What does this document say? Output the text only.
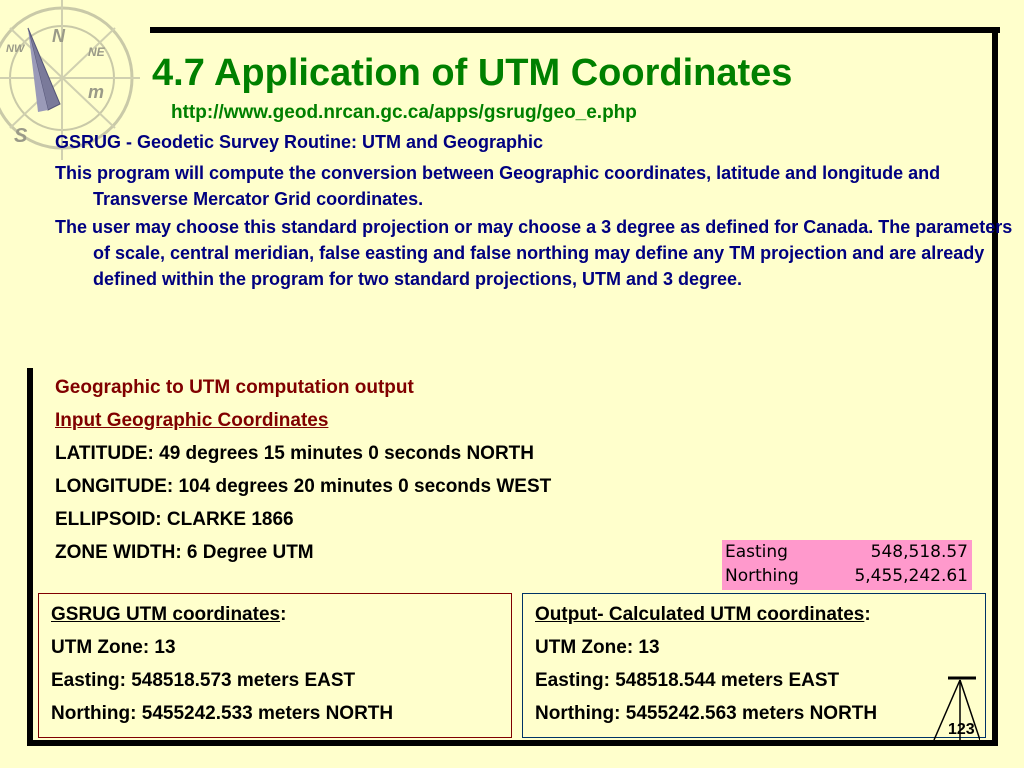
N
NE
NW
m
S
4.7 Application of UTM Coordinates
http://www.geod.nrcan.gc.ca/apps/gsrug/geo_e.php
GSRUG - Geodetic Survey Routine: UTM and Geographic
This program will compute the conversion between Geographic coordinates, latitude and longitude and Transverse Mercator Grid coordinates.
The user may choose this standard projection or may choose a 3 degree as defined for Canada. The parameters of scale, central meridian, false easting and false northing may define any TM projection and are already defined within the program for two standard projections, UTM and 3 degree.
Geographic to UTM computation output
Input Geographic Coordinates
LATITUDE: 49 degrees 15 minutes 0 seconds NORTH
LONGITUDE: 104 degrees 20 minutes 0 seconds WEST
ELLIPSOID: CLARKE 1866
ZONE WIDTH: 6 Degree UTM	Easting	548,518.57
Northing	5,455,242.61
GSRUG UTM coordinates:
UTM Zone: 13
Easting: 548518.573 meters EAST
Northing: 5455242.533 meters NORTH
Output- Calculated UTM coordinates:
UTM Zone: 13
Easting: 548518.544 meters EAST
Northing: 5455242.563 meters NORTH
123
